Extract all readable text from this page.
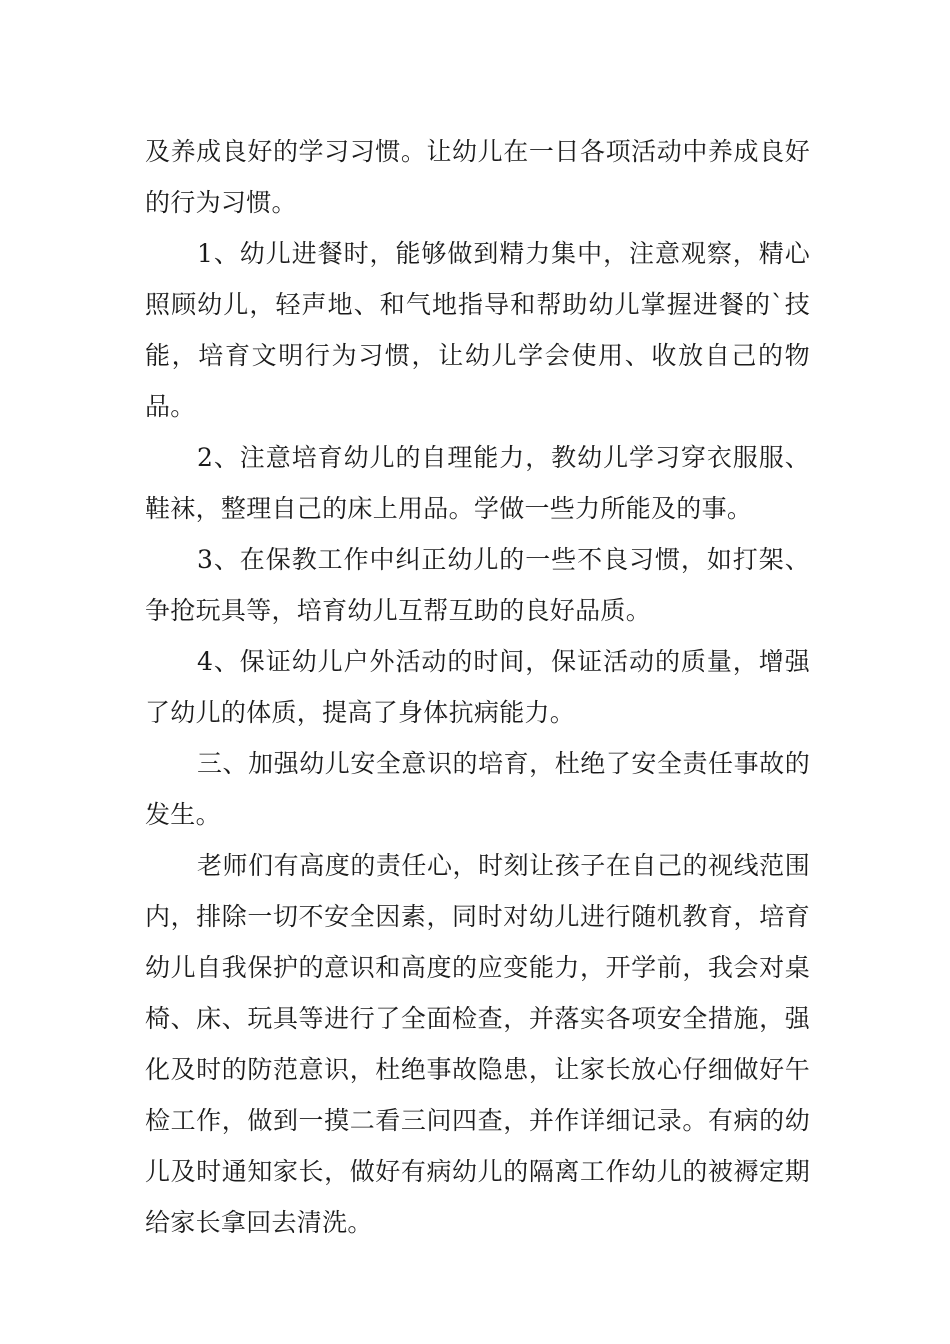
及养成良好的学习习惯。让幼儿在一日各项活动中养成良好的行为习惯。

1、幼儿进餐时，能够做到精力集中，注意观察，精心照顾幼儿，轻声地、和气地指导和帮助幼儿掌握进餐的`技能，培育文明行为习惯，让幼儿学会使用、收放自己的物品。

2、注意培育幼儿的自理能力，教幼儿学习穿衣服服、鞋袜，整理自己的床上用品。学做一些力所能及的事。

3、在保教工作中纠正幼儿的一些不良习惯，如打架、争抢玩具等，培育幼儿互帮互助的良好品质。

4、保证幼儿户外活动的时间，保证活动的质量，增强了幼儿的体质，提高了身体抗病能力。

三、加强幼儿安全意识的培育，杜绝了安全责任事故的发生。

老师们有高度的责任心，时刻让孩子在自己的视线范围内，排除一切不安全因素，同时对幼儿进行随机教育，培育幼儿自我保护的意识和高度的应变能力，开学前，我会对桌椅、床、玩具等进行了全面检查，并落实各项安全措施，强化及时的防范意识，杜绝事故隐患，让家长放心仔细做好午检工作，做到一摸二看三问四查，并作详细记录。有病的幼儿及时通知家长，做好有病幼儿的隔离工作幼儿的被褥定期给家长拿回去清洗。
